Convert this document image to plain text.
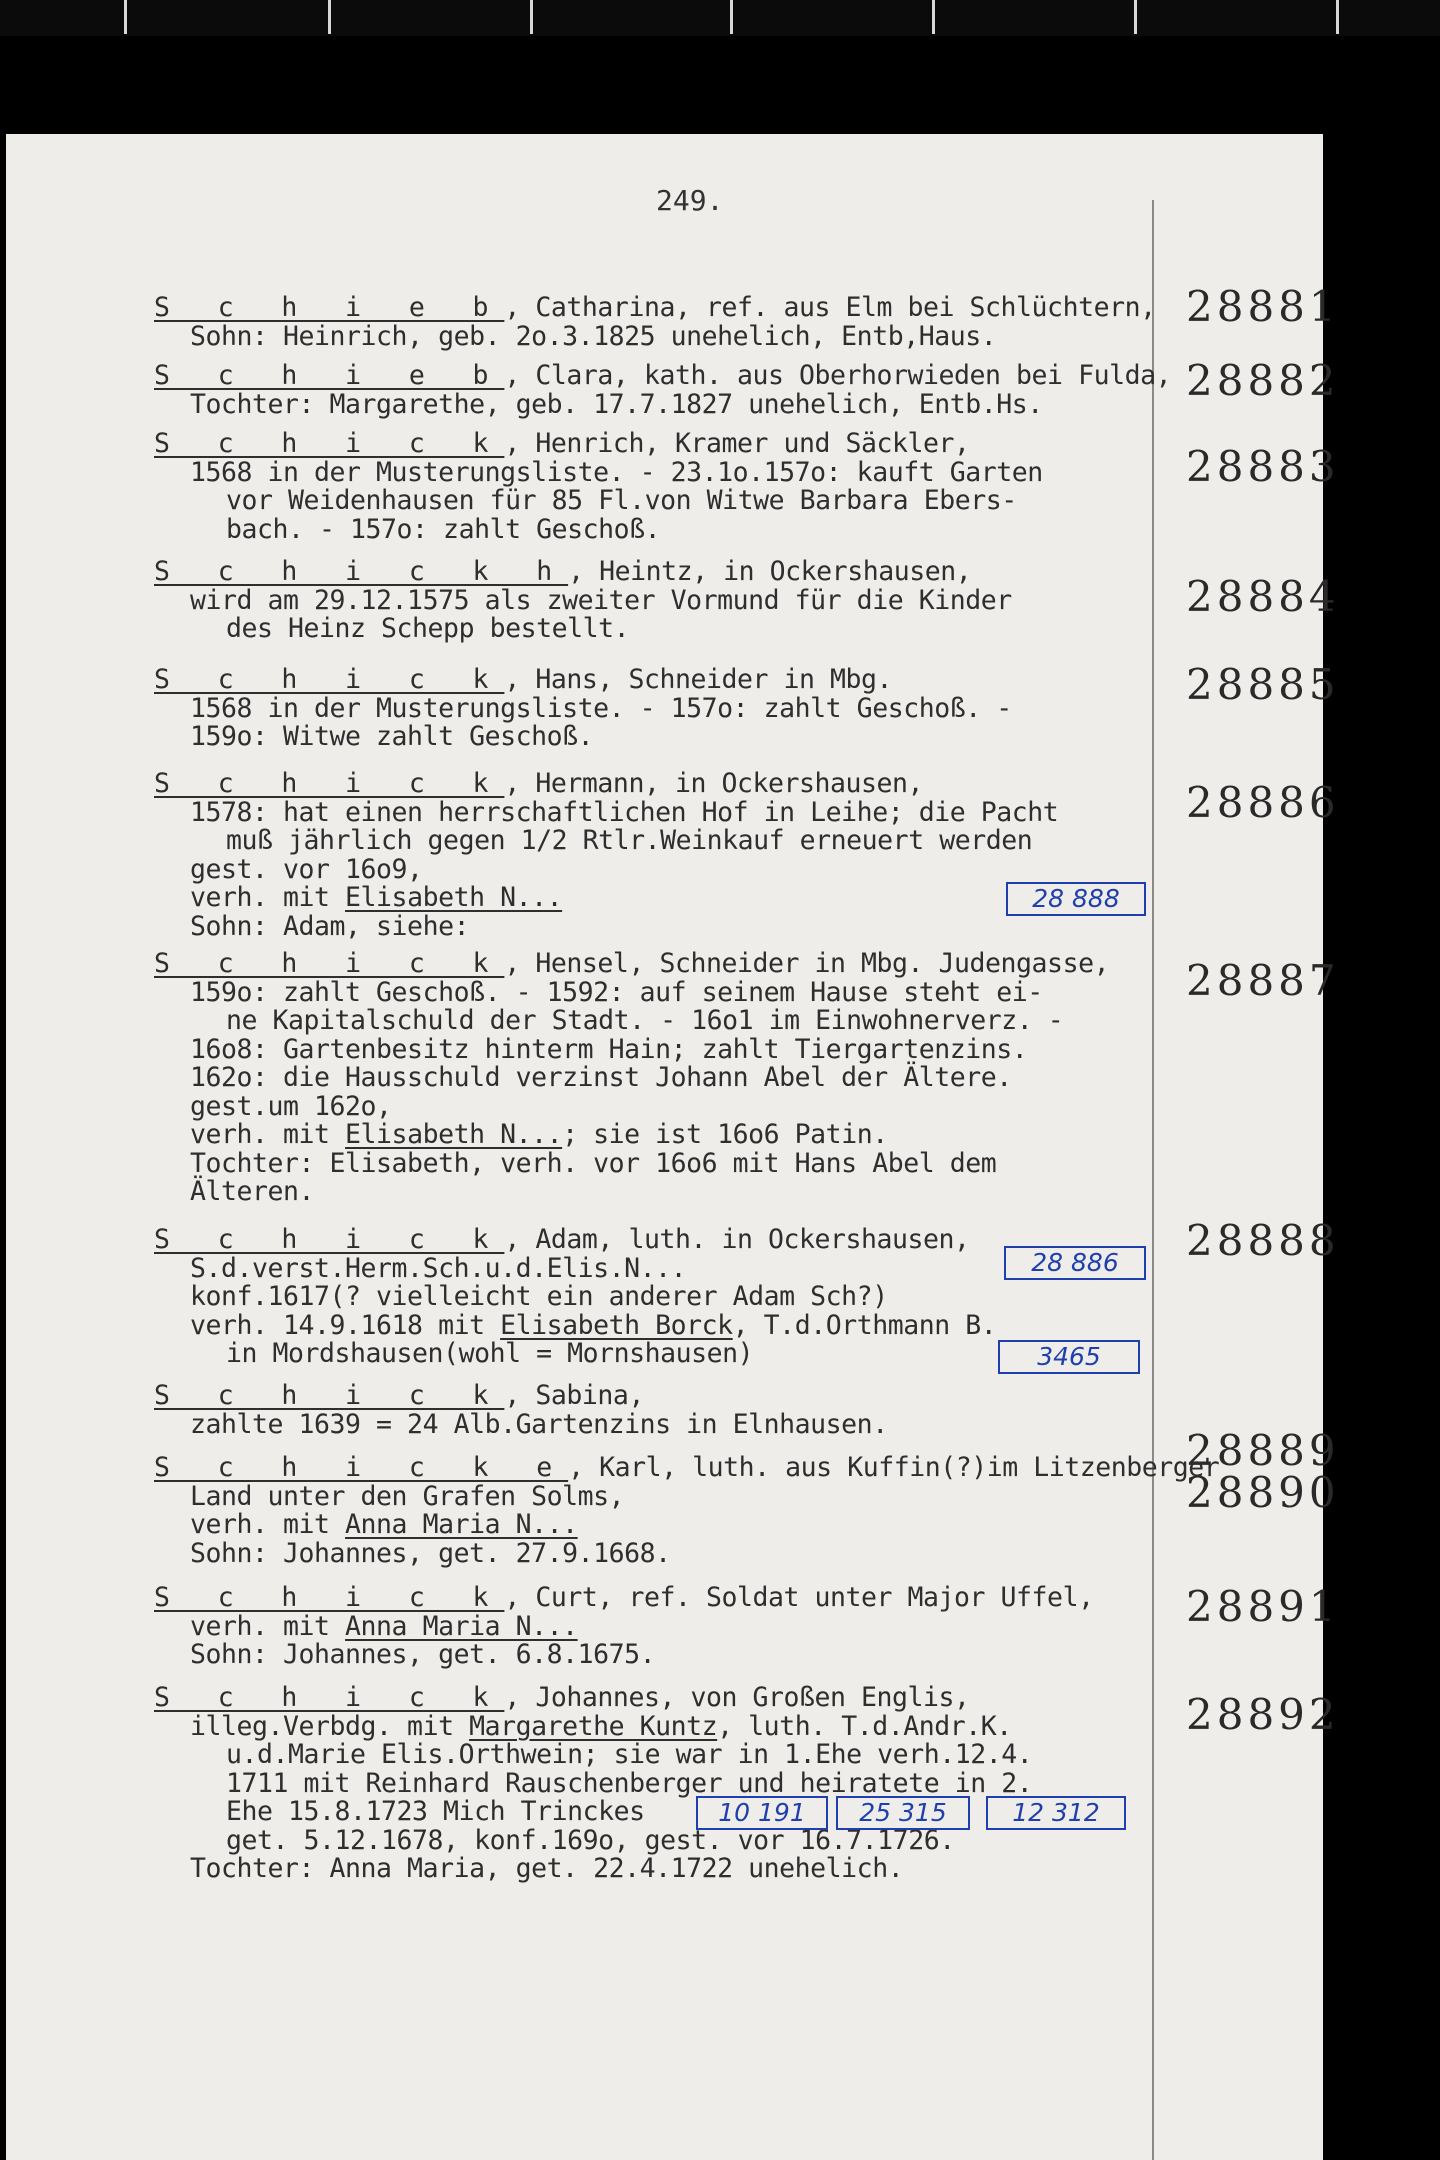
249.
S c h i e b, Catharina, ref. aus Elm bei Schlüchtern,
Sohn: Heinrich, geb. 2o.3.1825 unehelich, Entb,Haus.
28881
S c h i e b, Clara, kath. aus Oberhorwieden bei Fulda,
Tochter: Margarethe, geb. 17.7.1827 unehelich, Entb.Hs.	28882
S c h i c k, Henrich, Kramer und Säckler,
1568 in der Musterungsliste. - 23.1o.157o: kauft Garten
vor Weidenhausen für 85 Fl.von Witwe Barbara Ebers-
bach. - 157o: zahlt Geschoß.
28883
S c h i c k h, Heintz, in Ockershausen,
wird am 29.12.1575 als zweiter Vormund für die Kinder
des Heinz Schepp bestellt.
28884
S c h i c k, Hans, Schneider in Mbg.
1568 in der Musterungsliste. - 157o: zahlt Geschoß. -
159o: Witwe zahlt Geschoß.
28885
S c h i c k, Hermann, in Ockershausen,
1578: hat einen herrschaftlichen Hof in Leihe; die Pacht
muß jährlich gegen 1/2 Rtlr.Weinkauf erneuert werden
gest. vor 16o9,
verh. mit Elisabeth N...
Sohn: Adam, siehe:
28886
28 888
S c h i c k, Hensel, Schneider in Mbg. Judengasse,
159o: zahlt Geschoß. - 1592: auf seinem Hause steht ei-
ne Kapitalschuld der Stadt. - 16o1 im Einwohnerverz. -
16o8: Gartenbesitz hinterm Hain; zahlt Tiergartenzins.
162o: die Hausschuld verzinst Johann Abel der Ältere.
gest.um 162o,
verh. mit Elisabeth N...; sie ist 16o6 Patin.
Tochter: Elisabeth, verh. vor 16o6 mit Hans Abel dem
Älteren.
28887
S c h i c k, Adam, luth. in Ockershausen,
S.d.verst.Herm.Sch.u.d.Elis.N...
konf.1617(? vielleicht ein anderer Adam Sch?)
verh. 14.9.1618 mit Elisabeth Borck, T.d.Orthmann B.
in Mordshausen(wohl = Mornshausen)
28888
28 886
3465
S c h i c k, Sabina,
zahlte 1639 = 24 Alb.Gartenzins in Elnhausen.
28889
S c h i c k e, Karl, luth. aus Kuffin(?)im Litzenberger
Land unter den Grafen Solms,
verh. mit Anna Maria N...
Sohn: Johannes, get. 27.9.1668.
28890
S c h i c k, Curt, ref. Soldat unter Major Uffel,
verh. mit Anna Maria N...
Sohn: Johannes, get. 6.8.1675.
28891
S c h i c k, Johannes, von Großen Englis,
illeg.Verbdg. mit Margarethe Kuntz, luth. T.d.Andr.K.
u.d.Marie Elis.Orthwein; sie war in 1.Ehe verh.12.4.
1711 mit Reinhard Rauschenberger und heiratete in 2.
Ehe 15.8.1723 Mich Trinckes
get. 5.12.1678, konf.169o, gest. vor 16.7.1726.
Tochter: Anna Maria, get. 22.4.1722 unehelich.
28892
10 191	25 315	12 312
